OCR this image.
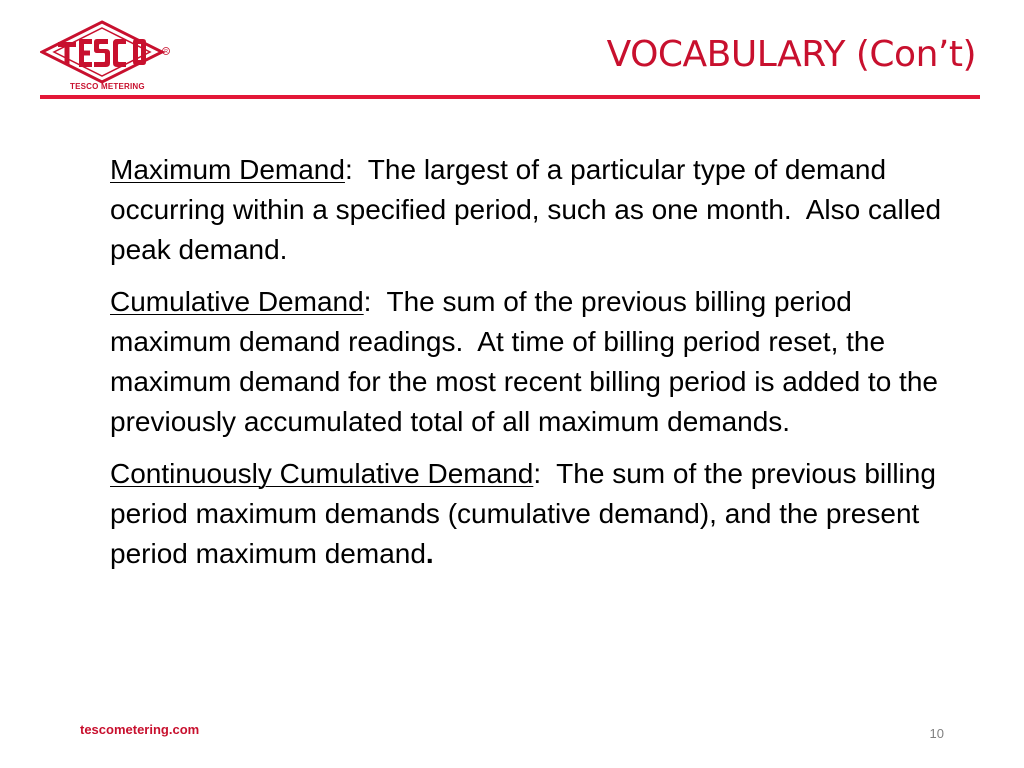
R
TESCO METERING
VOCABULARY (Con’t)

Maximum Demand:  The largest of a particular type of demand occurring within a specified period, such as one month.  Also called peak demand.

Cumulative Demand:  The sum of the previous billing period maximum demand readings.  At time of billing period reset, the maximum demand for the most recent billing period is added to the previously accumulated total of all maximum demands.

Continuously Cumulative Demand:  The sum of the previous billing period maximum demands (cumulative demand), and the present period maximum demand.

tescometering.com	10
